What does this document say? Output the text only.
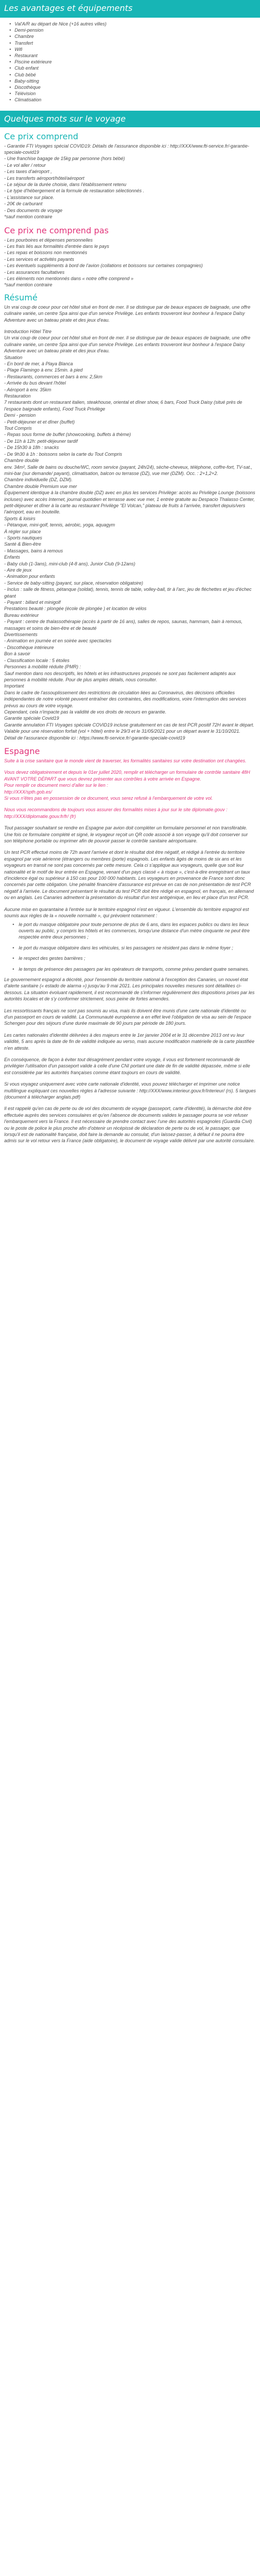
Les avantages et équipements
• Val'A/R au départ de Nice (+16 autres villes)
• Demi-pension
• Chambre
• Transfert
• Wifi
• Restaurant
• Piscine extérieure
• Club enfant
• Club bébé
• Baby-sitting
• Discothèque
• Télévision
• Climatisation
Quelques mots sur le voyage
Ce prix comprend

- Garantie FTI Voyages spécial COVID19: Détails de l'assurance disponible ici : http://XXX/www.fti-service.fr/-garantie-speciale-covid19
- Une franchise bagage de 15kg par personne (hors bébé)
- Le vol aller / retour
- Les taxes d'aéroport ,
- Les transferts aéroport/hôtel/aéroport
- Le séjour de la durée choisie, dans l'établissement retenu
- Le type d'hébergement et la formule de restauration sélectionnés .
- L'assistance sur place.
- 20€ de carburant
- Des documents de voyage
*sauf mention contraire

Ce prix ne comprend pas

- Les pourboires et dépenses personnelles
- Les frais liés aux formalités d'entrée dans le pays
- Les repas et boissons non mentionnés
- Les services et activités payants
- Les éventuels suppléments à bord de l'avion (collations et boissons sur certaines compagnies)
- Les assurances facultatives
- Les éléments non mentionnés dans « notre offre comprend »
*sauf mention contraire

Résumé

Un vrai coup de coeur pour cet hôtel situé en front de mer. Il se distingue par de beaux espaces de baignade, une offre culinaire variée, un centre Spa ainsi que d'un service Privilège. Les enfants trouveront leur bonheur à l'espace Dalsy Adventure avec un bateau pirate et des jeux d'eau.

Introduction Hôtel Titre
Un vrai coup de coeur pour cet hôtel situé en front de mer. Il se distingue par de beaux espaces de baignade, une offre culinaire variée, un centre Spa ainsi que d'un service Privilège. Les enfants trouveront leur bonheur à l'espace Daisy Adventure avec un bateau pirate et des jeux d'eau.
Situation
- En bord de mer, à Playa Blanca
- Plage Flamingo à env. 15min. à pied
- Restaurants, commerces et bars à env. 2,5km
- Arrivée du bus devant l'hôtel
- Aéroport à env. 35km
Restauration
7 restaurants dont un restaurant italien, steakhouse, oriental et dîner show, 6 bars, Food Truck Daisy (situé près de l'espace baignade enfants), Food Truck Privilège
Demi - pension
- Petit-déjeuner et et dîner (buffet)
Tout Compris
- Repas sous forme de buffet (showcooking, buffets à thème)
- De 11h à 12h: petit-déjeuner tardif
- De 15h30 à 18h : snacks
- De 9h30 à 1h : boissons selon la carte du Tout Compris
Chambre double
env. 34m², Salle de bains ou douche/WC, room service (payant, 24h/24), sèche-cheveux, téléphone, coffre-fort, TV-sat., mini-bar (sur demande/ payant), climatisation, balcon ou terrasse (DZ), vue mer (DZM). Occ. : 2+1,2+2.
Chambre individuelle (DZ, DZM).
Chambre double Premium vue mer
Équipement identique à la chambre double (DZ) avec en plus les services Privilège: accès au Privilège Lounge (boissons incluses) avec accès Internet, journal quotidien et terrasse avec vue mer, 1 entrée gratuite au Despacio Thalasso Center, petit-déjeuner et dîner à la carte au restaurant Privilège "El Volcan," plateau de fruits à l'arrivée, transfert depuis/vers l'aéroport, eau en bouteille.
Sports & loisirs
- Pétanque, mini-golf, tennis, aérobic, yoga, aquagym
À régler sur place
- Sports nautiques
Santé & Bien-être
- Massages, bains à remous
Enfants
- Baby club (1-3ans), mini-club (4-8 ans), Junior Club (9-12ans)
- Aire de jeux
- Animation pour enfants
- Service de baby-sitting (payant, sur place, réservation obligatoire)
- Inclus : salle de fitness, pétanque (soldat), tennis, tennis de table, volley-ball, tir à l'arc, jeu de fléchettes et jeu d'échec géant
- Payant : billard et minigolf
Prestations beauté : plongée (école de plongée ) et location de vélos
Bureau extérieur
- Payant : centre de thalassothérapie (accès à partir de 16 ans), salles de repos, saunas, hammam, bain à remous, massages et soins de bien-être et de beauté
Divertissements
- Animation en journée et en soirée avec spectacles
- Discothèque intérieure
Bon à savoir
- Classification locale : 5 étoiles
Personnes à mobilité réduite (PMR) :
Sauf mention dans nos descriptifs, les hôtels et les infrastructures proposés ne sont pas facilement adaptés aux personnes à mobilité réduite. Pour de plus amples détails, nous consulter.
Important
Dans le cadre de l'assouplissement des restrictions de circulation liées au Coronavirus, des décisions officielles indépendantes de notre volonté peuvent entraîner des contraintes, des modifications, voire l'interruption des services prévus au cours de votre voyage.
Cependant, cela n'impacte pas la validité de vos droits de recours en garantie.
Garantie spéciale Covid19
Garantie annulation FTI Voyages spéciale COVID19 incluse gratuitement en cas de test PCR positif 72H avant le départ.
Valable pour une réservation forfait (vol + hôtel) entre le 29/3 et le 31/05/2021 pour un départ avant le 31/10/2021.
Détail de l'assurance disponible ici : https://www.fti-service.fr/-garantie-speciale-covid19

Espagne

Suite à la crise sanitaire que le monde vient de traverser, les formalités sanitaires sur votre destination ont changées.

Vous devez obligatoirement et depuis le 01er juillet 2020, remplir et télécharger un formulaire de contrôle sanitaire 48H AVANT VOTRE DÉPART que vous devrez présenter aux contrôles à votre arrivée en Espagne.
Pour remplir ce document merci d'aller sur le lien :
http://XXX/spth.gob.es/
Si vous n'êtes pas en possession de ce document, vous serez refusé à l'embarquement de votre vol.

Nous vous recommandons de toujours vous assurer des formalités mises à jour sur le site diplomatie.gouv : http://XXX/diplomatie.gouv.fr/fr/ (fr)

Tout passager souhaitant se rendre en Espagne par avion doit compléter un formulaire personnel et non transférable. Une fois ce formulaire complété et signé, le voyageur reçoit un QR code associé à son voyage qu'il doit conserver sur son téléphone portable ou imprimer afin de pouvoir passer le contrôle sanitaire aéroportuaire.

Un test PCR effectué moins de 72h avant l'arrivée et dont le résultat doit être négatif, et rédigé à l'entrée du territoire espagnol par voie aérienne (étrangers ou membres (porte) espagnols. Les enfants âgés de moins de six ans et les voyageurs en transit ne sont pas concernés par cette mesure. Cela ci s'applique aux voyageurs, quelle que soit leur nationalité et le motif de leur entrée en Espagne, venant d'un pays classé « à risque », c'est-à-dire enregistrant un taux d'incidence égal ou supérieur à 150 cas pour 100 000 habitants. Les voyageurs en provenance de France sont donc concernés par cette obligation. Une pénalité financière d'assurance est prévue en cas de non présentation de test PCR négatif à l'arrivée. Le document présentant le résultat du test PCR doit être rédigé en espagnol, en français, en allemand ou en anglais. Les Canaries admettent la présentation du résultat d'un test antigénique, en lieu et place d'un test PCR.

Aucune mise en quarantaine à l'entrée sur le territoire espagnol n'est en vigueur. L'ensemble du territoire espagnol est soumis aux règles de la « nouvelle normalité », qui prévoient notamment :

• le port du masque obligatoire pour toute personne de plus de 6 ans, dans les espaces publics ou dans les lieux ouverts au public, y compris les hôtels et les commerces, lorsqu'une distance d'un mètre cinquante ne peut être respectée entre deux personnes ;
• le port du masque obligatoire dans les véhicules, si les passagers ne résident pas dans le même foyer ;
• le respect des gestes barrières ;
• le temps de présence des passagers par les opérateurs de transports, comme prévu pendant quatre semaines.

Le gouvernement espagnol a décrété, pour l'ensemble du territoire national à l'exception des Canaries, un nouvel état d'alerte sanitaire (« estado de alarma ») jusqu'au 9 mai 2021. Les principales nouvelles mesures sont détaillées ci-dessous. La situation évoluant rapidement, il est recommandé de s'informer régulièrement des dispositions prises par les autorités locales et de s'y conformer strictement, sous peine de fortes amendes.

Les ressortissants français ne sont pas soumis au visa, mais ils doivent être munis d'une carte nationale d'identité ou d'un passeport en cours de validité. La Communauté européenne a en effet levé l'obligation de visa au sein de l'espace Schengen pour des séjours d'une durée maximale de 90 jours par période de 180 jours.

Les cartes nationales d'identité délivrées à des majeurs entre le 1er janvier 2004 et le 31 décembre 2013 ont vu leur validité, 5 ans après la date de fin de validité indiquée au verso, mais aucune modification matérielle de la carte plastifiée n'en atteste.

En conséquence, de façon à éviter tout désagrément pendant votre voyage, il vous est fortement recommandé de privilégier l'utilisation d'un passeport valide à celle d'une CNI portant une date de fin de validité dépassée, même si elle est considérée par les autorités françaises comme étant toujours en cours de validité.

Si vous voyagez uniquement avec votre carte nationale d'identité, vous pouvez télécharger et imprimer une notice multilingue expliquant ces nouvelles règles à l'adresse suivante : http://XXX/www.interieur.gouv.fr/Interieur/ (rs). 5 langues (document à télécharger anglais.pdf)

Il est rappelé qu'en cas de perte ou de vol des documents de voyage (passeport, carte d'identité), la démarche doit être effectuée auprès des services consulaires et qu'en l'absence de documents valides le passager pourra se voir refuser l'embarquement vers la France. Il est nécessaire de prendre contact avec l'une des autorités espagnoles (Guardia Civil) ou le poste de police le plus proche afin d'obtenir un récépissé de déclaration de perte ou de vol, le passager, que lorsqu'il est de nationalité française, doit faire la demande au consulat, d'un laissez-passer, à défaut il ne pourra être admis sur le vol retour vers la France (aide obligatoire), le document de voyage valide délivré par une autorité consulaire.
